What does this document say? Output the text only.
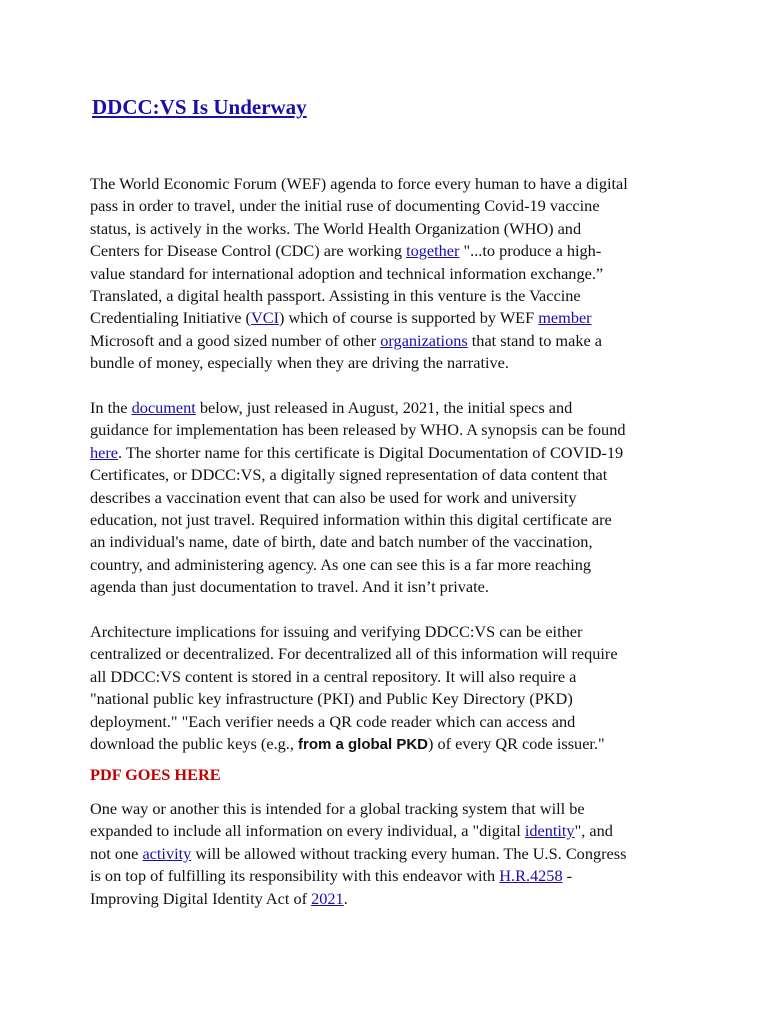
DDCC:VS Is Underway

The World Economic Forum (WEF) agenda to force every human to have a digital
pass in order to travel, under the initial ruse of documenting Covid-19 vaccine
status, is actively in the works. The World Health Organization (WHO) and
Centers for Disease Control (CDC) are working together "...to produce a high-
value standard for international adoption and technical information exchange.”
Translated, a digital health passport. Assisting in this venture is the Vaccine
Credentialing Initiative (VCI) which of course is supported by WEF member
Microsoft and a good sized number of other organizations that stand to make a
bundle of money, especially when they are driving the narrative.

In the document below, just released in August, 2021, the initial specs and
guidance for implementation has been released by WHO. A synopsis can be found
here. The shorter name for this certificate is Digital Documentation of COVID-19
Certificates, or DDCC:VS, a digitally signed representation of data content that
describes a vaccination event that can also be used for work and university
education, not just travel. Required information within this digital certificate are
an individual's name, date of birth, date and batch number of the vaccination,
country, and administering agency. As one can see this is a far more reaching
agenda than just documentation to travel. And it isn’t private.

Architecture implications for issuing and verifying DDCC:VS can be either
centralized or decentralized. For decentralized all of this information will require
all DDCC:VS content is stored in a central repository. It will also require a
"national public key infrastructure (PKI) and Public Key Directory (PKD)
deployment." "Each verifier needs a QR code reader which can access and
download the public keys (e.g., from a global PKD) of every QR code issuer."

PDF GOES HERE

One way or another this is intended for a global tracking system that will be
expanded to include all information on every individual, a "digital identity", and
not one activity will be allowed without tracking every human. The U.S. Congress
is on top of fulfilling its responsibility with this endeavor with H.R.4258 -
Improving Digital Identity Act of 2021.
